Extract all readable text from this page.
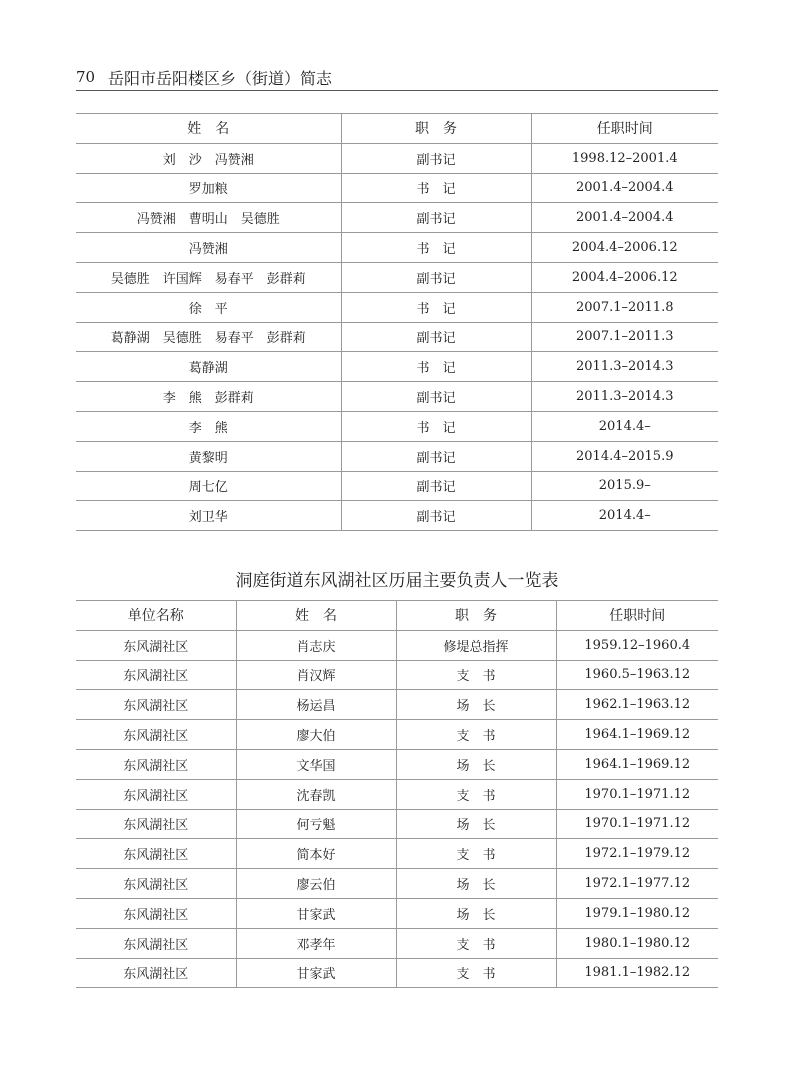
70 岳阳市岳阳楼区乡（街道）简志
姓　名	职　务	任职时间
刘　沙　冯赞湘	副书记	1998.12–2001.4
罗加粮	书　记	2001.4–2004.4
冯赞湘　曹明山　吴德胜	副书记	2001.4–2004.4
冯赞湘	书　记	2004.4–2006.12
吴德胜　许国辉　易春平　彭群莉	副书记	2004.4–2006.12
徐　平	书　记	2007.1–2011.8
葛静湖　吴德胜　易春平　彭群莉	副书记	2007.1–2011.3
葛静湖	书　记	2011.3–2014.3
李　熊　彭群莉	副书记	2011.3–2014.3
李　熊	书　记	2014.4–
黄黎明	副书记	2014.4–2015.9
周七亿	副书记	2015.9–
刘卫华	副书记	2014.4–
洞庭街道东风湖社区历届主要负责人一览表
单位名称	姓　名	职　务	任职时间
东风湖社区	肖志庆	修堤总指挥	1959.12–1960.4
东风湖社区	肖汉辉	支　书	1960.5–1963.12
东风湖社区	杨运昌	场　长	1962.1–1963.12
东风湖社区	廖大伯	支　书	1964.1–1969.12
东风湖社区	文华国	场　长	1964.1–1969.12
东风湖社区	沈春凯	支　书	1970.1–1971.12
东风湖社区	何亏魁	场　长	1970.1–1971.12
东风湖社区	简本好	支　书	1972.1–1979.12
东风湖社区	廖云伯	场　长	1972.1–1977.12
东风湖社区	甘家武	场　长	1979.1–1980.12
东风湖社区	邓孝年	支　书	1980.1–1980.12
东风湖社区	甘家武	支　书	1981.1–1982.12
